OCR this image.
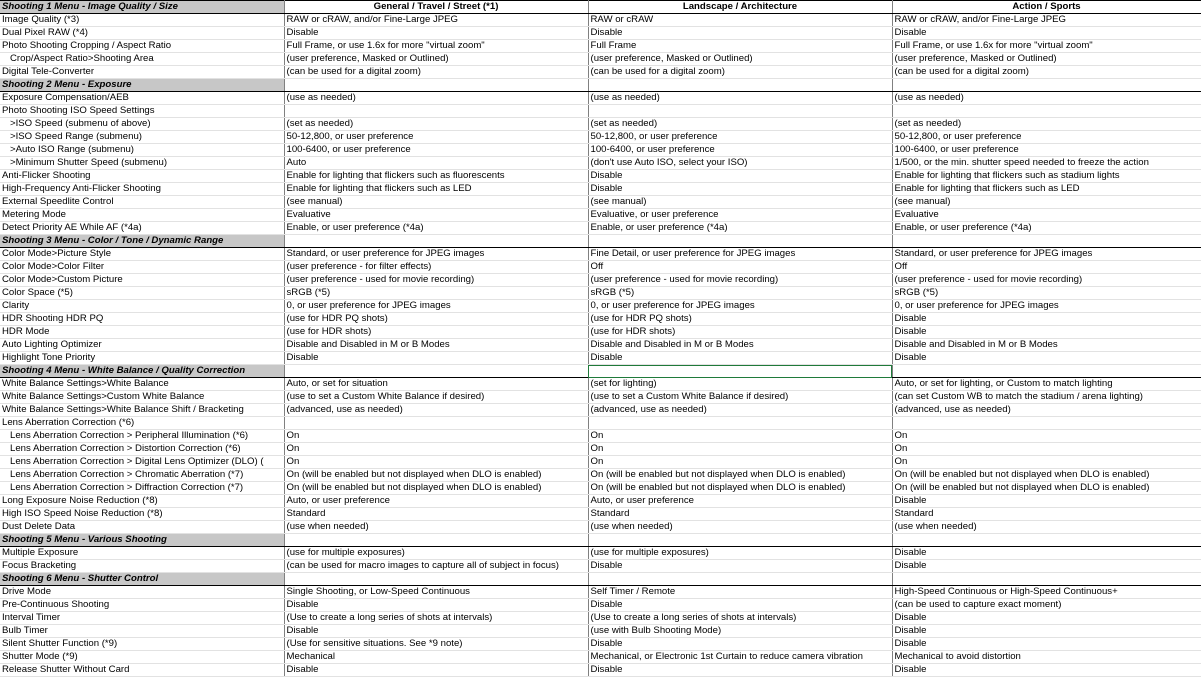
Shooting 1 Menu - Image Quality / Size	General / Travel / Street (*1)	Landscape / Architecture	Action / Sports
Image Quality (*3)	RAW or cRAW, and/or Fine-Large JPEG	RAW or cRAW	RAW or cRAW, and/or Fine-Large JPEG
Dual Pixel RAW (*4)	Disable	Disable	Disable
Photo Shooting Cropping / Aspect Ratio	Full Frame, or use 1.6x for more "virtual zoom"	Full Frame	Full Frame, or use 1.6x for more "virtual zoom"
Crop/Aspect Ratio>Shooting Area	(user preference, Masked or Outlined)	(user preference, Masked or Outlined)	(user preference, Masked or Outlined)
Digital Tele-Converter	(can be used for a digital zoom)	(can be used for a digital zoom)	(can be used for a digital zoom)
Shooting 2 Menu - Exposure			
Exposure Compensation/AEB	(use as needed)	(use as needed)	(use as needed)
Photo Shooting ISO Speed Settings			
>ISO Speed (submenu of above)	(set as needed)	(set as needed)	(set as needed)
>ISO Speed Range (submenu)	50-12,800, or user preference	50-12,800, or user preference	50-12,800, or user preference
>Auto ISO Range (submenu)	100-6400, or user preference	100-6400, or user preference	100-6400, or user preference
>Minimum Shutter Speed (submenu)	Auto	(don't use Auto ISO, select your ISO)	1/500, or the min. shutter speed needed to freeze the action
Anti-Flicker Shooting	Enable for lighting that flickers such as fluorescents	Disable	Enable for lighting that flickers such as stadium lights
High-Frequency Anti-Flicker Shooting	Enable for lighting that flickers such as LED	Disable	Enable for lighting that flickers such as LED
External Speedlite Control	(see manual)	(see manual)	(see manual)
Metering Mode	Evaluative	Evaluative, or user preference	Evaluative
Detect Priority AE While AF (*4a)	Enable, or user preference (*4a)	Enable, or user preference (*4a)	Enable, or user preference (*4a)
Shooting 3 Menu - Color / Tone / Dynamic Range			
Color Mode>Picture Style	Standard, or user preference for JPEG images	Fine Detail, or user preference for JPEG images	Standard, or user preference for JPEG images
Color Mode>Color Filter	(user preference - for filter effects)	Off	Off
Color Mode>Custom Picture	(user preference - used for movie recording)	(user preference - used for movie recording)	(user preference - used for movie recording)
Color Space (*5)	sRGB (*5)	sRGB (*5)	sRGB (*5)
Clarity	0, or user preference for JPEG images	0, or user preference for JPEG images	0, or user preference for JPEG images
HDR Shooting HDR PQ	(use for HDR PQ shots)	(use for HDR PQ shots)	Disable
HDR Mode	(use for HDR shots)	(use for HDR shots)	Disable
Auto Lighting Optimizer	Disable and Disabled in M or B Modes	Disable and Disabled in M or B Modes	Disable and Disabled in M or B Modes
Highlight Tone Priority	Disable	Disable	Disable
Shooting 4 Menu - White Balance / Quality Correction			
White Balance Settings>White Balance	Auto, or set for situation	(set for lighting)	Auto, or set for lighting, or Custom to match lighting
White Balance Settings>Custom White Balance	(use to set a Custom White Balance if desired)	(use to set a Custom White Balance if desired)	(can set Custom WB to match the stadium / arena lighting)
White Balance Settings>White Balance Shift / Bracketing	(advanced, use as needed)	(advanced, use as needed)	(advanced, use as needed)
Lens Aberration Correction (*6)			
Lens Aberration Correction > Peripheral Illumination (*6)	On	On	On
Lens Aberration Correction > Distortion Correction (*6)	On	On	On
Lens Aberration Correction > Digital Lens Optimizer (DLO) (	On	On	On
Lens Aberration Correction > Chromatic Aberration (*7)	On (will be enabled but not displayed when DLO is enabled)	On (will be enabled but not displayed when DLO is enabled)	On (will be enabled but not displayed when DLO is enabled)
Lens Aberration Correction > Diffraction Correction (*7)	On (will be enabled but not displayed when DLO is enabled)	On (will be enabled but not displayed when DLO is enabled)	On (will be enabled but not displayed when DLO is enabled)
Long Exposure Noise Reduction (*8)	Auto, or user preference	Auto, or user preference	Disable
High ISO Speed Noise Reduction (*8)	Standard	Standard	Standard
Dust Delete Data	(use when needed)	(use when needed)	(use when needed)
Shooting 5 Menu - Various Shooting			
Multiple Exposure	(use for multiple exposures)	(use for multiple exposures)	Disable
Focus Bracketing	(can be used for macro images to capture all of subject in focus)	Disable	Disable
Shooting 6 Menu - Shutter Control			
Drive Mode	Single Shooting, or Low-Speed Continuous	Self Timer / Remote	High-Speed Continuous or High-Speed Continuous+
Pre-Continuous Shooting	Disable	Disable	(can be used to capture exact moment)
Interval Timer	(Use to create a long series of shots at intervals)	(Use to create a long series of shots at intervals)	Disable
Bulb Timer	Disable	(use with Bulb Shooting Mode)	Disable
Silent Shutter Function (*9)	(Use for sensitive situations. See *9 note)	Disable	Disable
Shutter Mode (*9)	Mechanical	Mechanical, or Electronic 1st Curtain to reduce camera vibration	Mechanical to avoid distortion
Release Shutter Without Card	Disable	Disable	Disable
